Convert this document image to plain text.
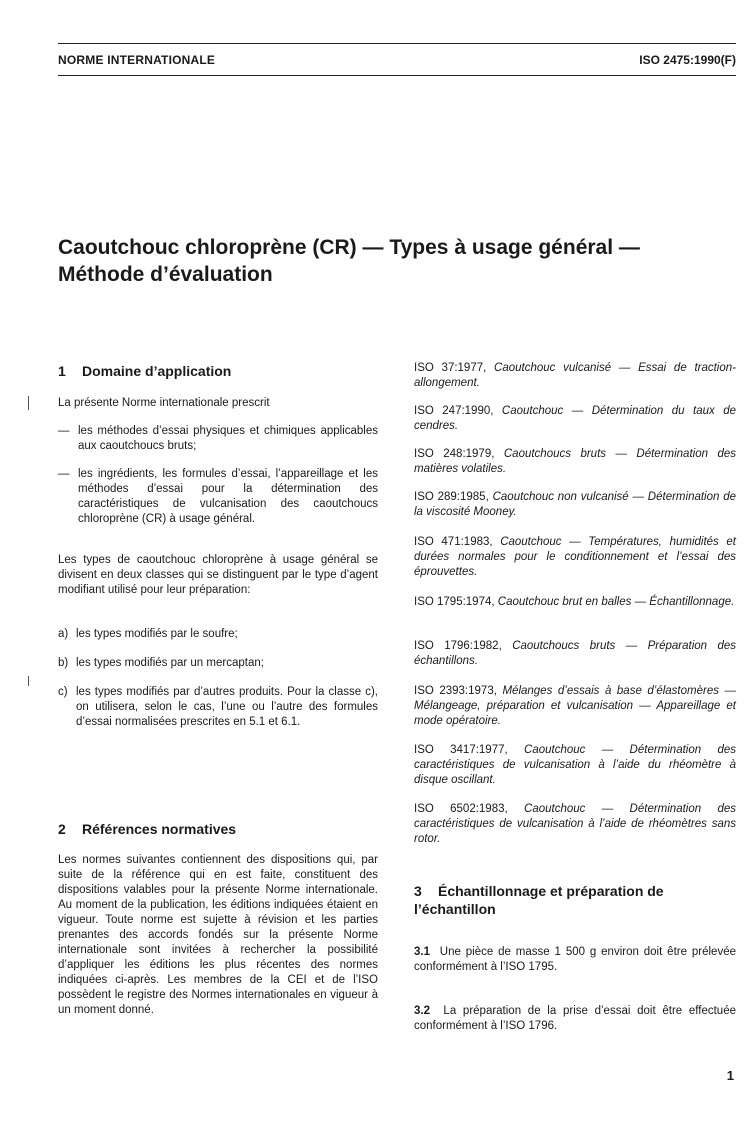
NORME INTERNATIONALE	ISO 2475:1990(F)
Caoutchouc chloroprène (CR) — Types à usage général —
Méthode d’évaluation
1 Domaine d’application

La présente Norme internationale prescrit

— les méthodes d’essai physiques et chimiques applicables aux caoutchoucs bruts;

— les ingrédients, les formules d’essai, l’appareillage et les méthodes d’essai pour la détermination des caractéristiques de vulcanisation des caoutchoucs chloroprène (CR) à usage général.

Les types de caoutchouc chloroprène à usage général se divisent en deux classes qui se distinguent par le type d’agent modifiant utilisé pour leur préparation:

a) les types modifiés par le soufre;

b) les types modifiés par un mercaptan;

c) les types modifiés par d’autres produits. Pour la classe c), on utilisera, selon le cas, l’une ou l’autre des formules d’essai normalisées prescrites en 5.1 et 6.1.

2 Références normatives

Les normes suivantes contiennent des dispositions qui, par suite de la référence qui en est faite, constituent des dispositions valables pour la présente Norme internationale. Au moment de la publication, les éditions indiquées étaient en vigueur. Toute norme est sujette à révision et les parties prenantes des accords fondés sur la présente Norme internationale sont invitées à rechercher la possibilité d’appliquer les éditions les plus récentes des normes indiquées ci-après. Les membres de la CEI et de l’ISO possèdent le registre des Normes internationales en vigueur à un moment donné.

ISO 37:1977, Caoutchouc vulcanisé — Essai de traction-allongement.

ISO 247:1990, Caoutchouc — Détermination du taux de cendres.

ISO 248:1979, Caoutchoucs bruts — Détermination des matières volatiles.

ISO 289:1985, Caoutchouc non vulcanisé — Détermination de la viscosité Mooney.

ISO 471:1983, Caoutchouc — Températures, humidités et durées normales pour le conditionnement et l’essai des éprouvettes.

ISO 1795:1974, Caoutchouc brut en balles — Échantillonnage.

ISO 1796:1982, Caoutchoucs bruts — Préparation des échantillons.

ISO 2393:1973, Mélanges d’essais à base d’élastomères — Mélangeage, préparation et vulcanisation — Appareillage et mode opératoire.

ISO 3417:1977, Caoutchouc — Détermination des caractéristiques de vulcanisation à l’aide du rhéomètre à disque oscillant.

ISO 6502:1983, Caoutchouc — Détermination des caractéristiques de vulcanisation à l’aide de rhéomètres sans rotor.

3 Échantillonnage et préparation de
l’échantillon

3.1 Une pièce de masse 1 500 g environ doit être prélevée conformément à l’ISO 1795.

3.2 La préparation de la prise d’essai doit être effectuée conformément à l’ISO 1796.

1
